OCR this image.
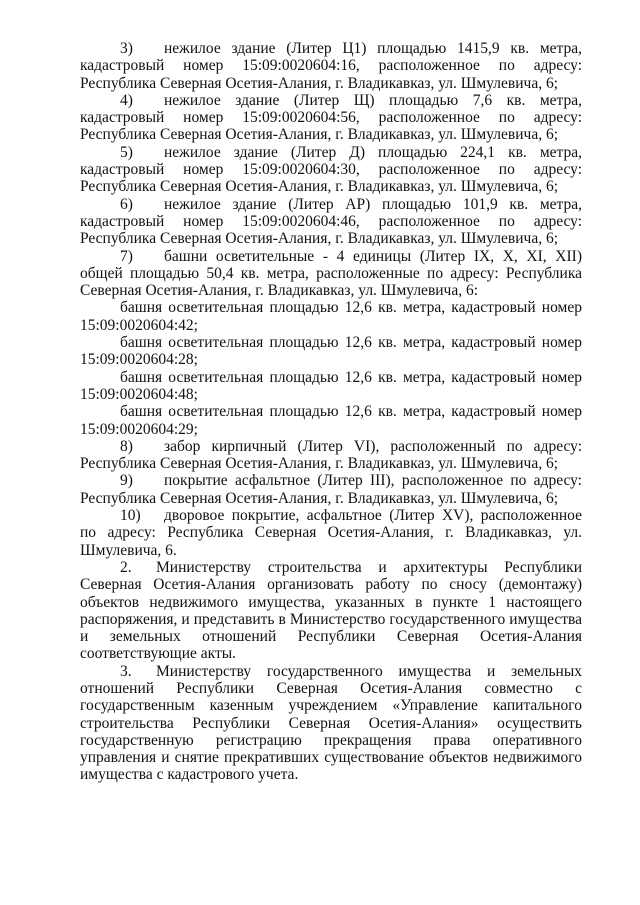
3) нежилое здание (Литер Ц1) площадью 1415,9 кв. метра, кадастровый номер 15:09:0020604:16, расположенное по адресу: Республика Северная Осетия-Алания, г. Владикавказ, ул. Шмулевича, 6;

4) нежилое здание (Литер Щ) площадью 7,6 кв. метра, кадастровый номер 15:09:0020604:56, расположенное по адресу: Республика Северная Осетия-Алания, г. Владикавказ, ул. Шмулевича, 6;

5) нежилое здание (Литер Д) площадью 224,1 кв. метра, кадастровый номер 15:09:0020604:30, расположенное по адресу: Республика Северная Осетия-Алания, г. Владикавказ, ул. Шмулевича, 6;

6) нежилое здание (Литер АР) площадью 101,9 кв. метра, кадастровый номер 15:09:0020604:46, расположенное по адресу: Республика Северная Осетия-Алания, г. Владикавказ, ул. Шмулевича, 6;

7) башни осветительные - 4 единицы (Литер IX, X, XI, XII) общей площадью 50,4 кв. метра, расположенные по адресу: Республика Северная Осетия-Алания, г. Владикавказ, ул. Шмулевича, 6:

башня осветительная площадью 12,6 кв. метра, кадастровый номер 15:09:0020604:42;

башня осветительная площадью 12,6 кв. метра, кадастровый номер 15:09:0020604:28;

башня осветительная площадью 12,6 кв. метра, кадастровый номер 15:09:0020604:48;

башня осветительная площадью 12,6 кв. метра, кадастровый номер 15:09:0020604:29;

8) забор кирпичный (Литер VI), расположенный по адресу: Республика Северная Осетия-Алания, г. Владикавказ, ул. Шмулевича, 6;

9) покрытие асфальтное (Литер III), расположенное по адресу: Республика Северная Осетия-Алания, г. Владикавказ, ул. Шмулевича, 6;

10) дворовое покрытие, асфальтное (Литер XV), расположенное по адресу: Республика Северная Осетия-Алания, г. Владикавказ, ул. Шмулевича, 6.

2. Министерству строительства и архитектуры Республики Северная Осетия-Алания организовать работу по сносу (демонтажу) объектов недвижимого имущества, указанных в пункте 1 настоящего распоряжения, и представить в Министерство государственного имущества и земельных отношений Республики Северная Осетия-Алания соответствующие акты.

3. Министерству государственного имущества и земельных отношений Республики Северная Осетия-Алания совместно с государственным казенным учреждением «Управление капитального строительства Республики Северная Осетия-Алания» осуществить государственную регистрацию прекращения права оперативного управления и снятие прекративших существование объектов недвижимого имущества с кадастрового учета.
